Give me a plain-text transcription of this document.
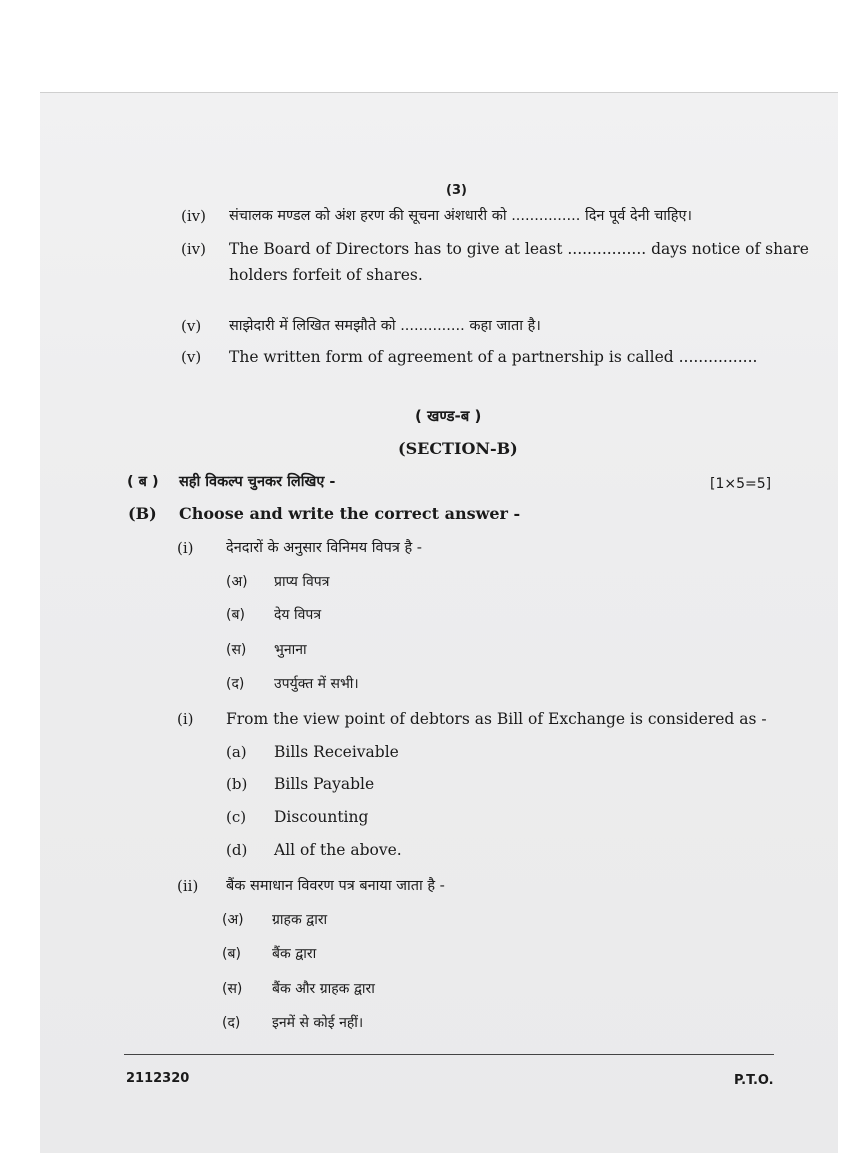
(3)
(iv) संचालक मण्डल को अंश हरण की सूचना अंशधारी को ............... दिन पूर्व देनी चाहिए।
(iv) The Board of Directors has to give at least ................ days notice of share
holders forfeit of shares.
(v) साझेदारी में लिखित समझौते को .............. कहा जाता है।
(v) The written form of agreement of a partnership is called ................
( खण्ड-ब )
(SECTION-B)
( ब ) सही विकल्प चुनकर लिखिए -	[1×5=5]
(B) Choose and write the correct answer -
(i) देनदारों के अनुसार विनिमय विपत्र है -
(अ) प्राप्य विपत्र
(ब) देय विपत्र
(स) भुनाना
(द) उपर्युक्त में सभी।
(i) From the view point of debtors as Bill of Exchange is considered as -
(a) Bills Receivable
(b) Bills Payable
(c) Discounting
(d) All of the above.
(ii) बैंक समाधान विवरण पत्र बनाया जाता है -
(अ) ग्राहक द्वारा
(ब) बैंक द्वारा
(स) बैंक और ग्राहक द्वारा
(द) इनमें से कोई नहीं।
2112320	P.T.O.
